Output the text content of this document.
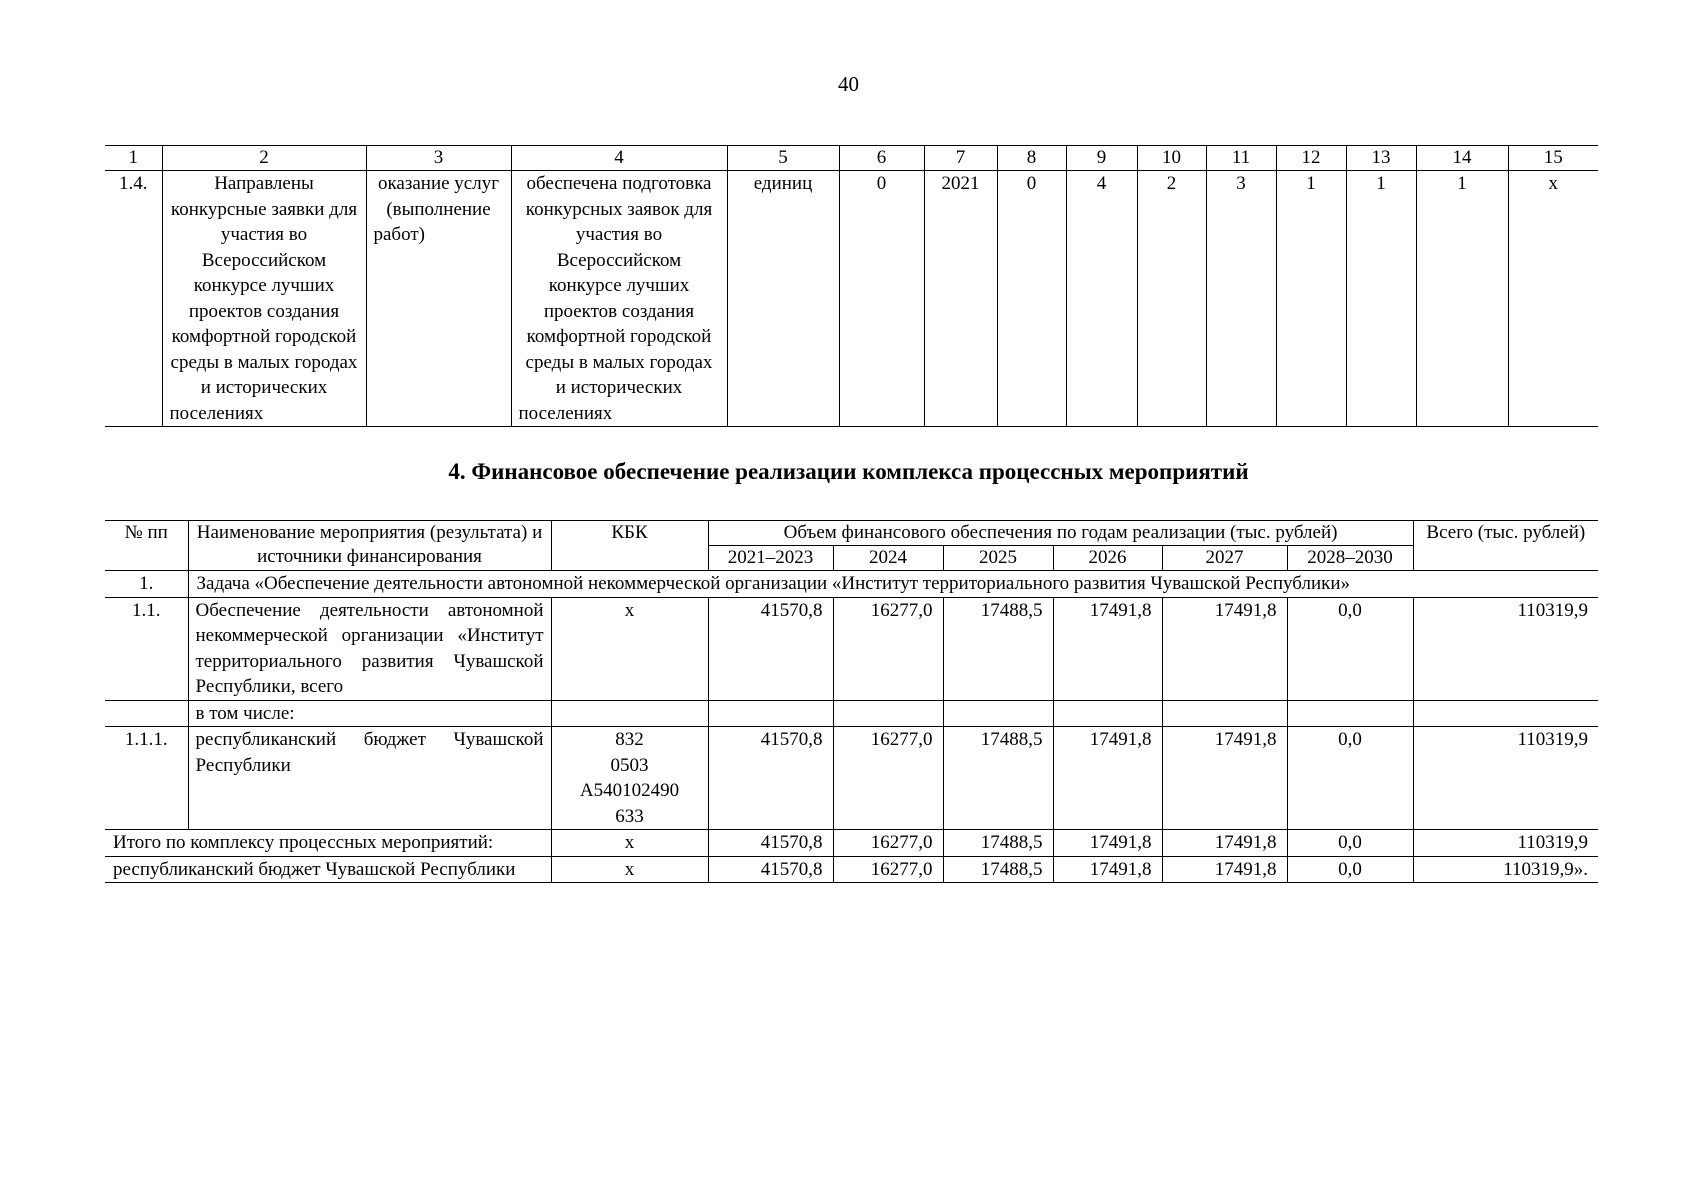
40
1	2	3	4	5	6	7	8	9	10	11	12	13	14	15
1.4.	Направлены конкурсные заявки для участия во Всероссийском конкурсе лучших проектов создания комфортной городской среды в малых городах и исторических поселениях	оказание услуг (выполнение работ)	обеспечена подготовка конкурсных заявок для участия во Всероссийском конкурсе лучших проектов создания комфортной городской среды в малых городах и исторических поселениях	единиц	0	2021	0	4	2	3	1	1	1	х
4. Финансовое обеспечение реализации комплекса процессных мероприятий
№ пп	Наименование мероприятия (результата) и источники финансирования	КБК	Объем финансового обеспечения по годам реализации (тыс. рублей)						Всего (тыс. рублей)
			2021–2023	2024	2025	2026	2027	2028–2030	
1.	Задача «Обеспечение деятельности автономной некоммерческой организации «Институт территориального развития Чувашской Республики»								
1.1.	Обеспечение деятельности автономной некоммерческой организации «Институт территориального развития Чувашской Республики, всего	х	41570,8	16277,0	17488,5	17491,8	17491,8	0,0	110319,9
	в том числе:								
1.1.1.	республиканский бюджет Чувашской Республики	832
0503
А540102490
633	41570,8	16277,0	17488,5	17491,8	17491,8	0,0	110319,9
Итого по комплексу процессных мероприятий:		х	41570,8	16277,0	17488,5	17491,8	17491,8	0,0	110319,9
республиканский бюджет Чувашской Республики		х	41570,8	16277,0	17488,5	17491,8	17491,8	0,0	110319,9».
